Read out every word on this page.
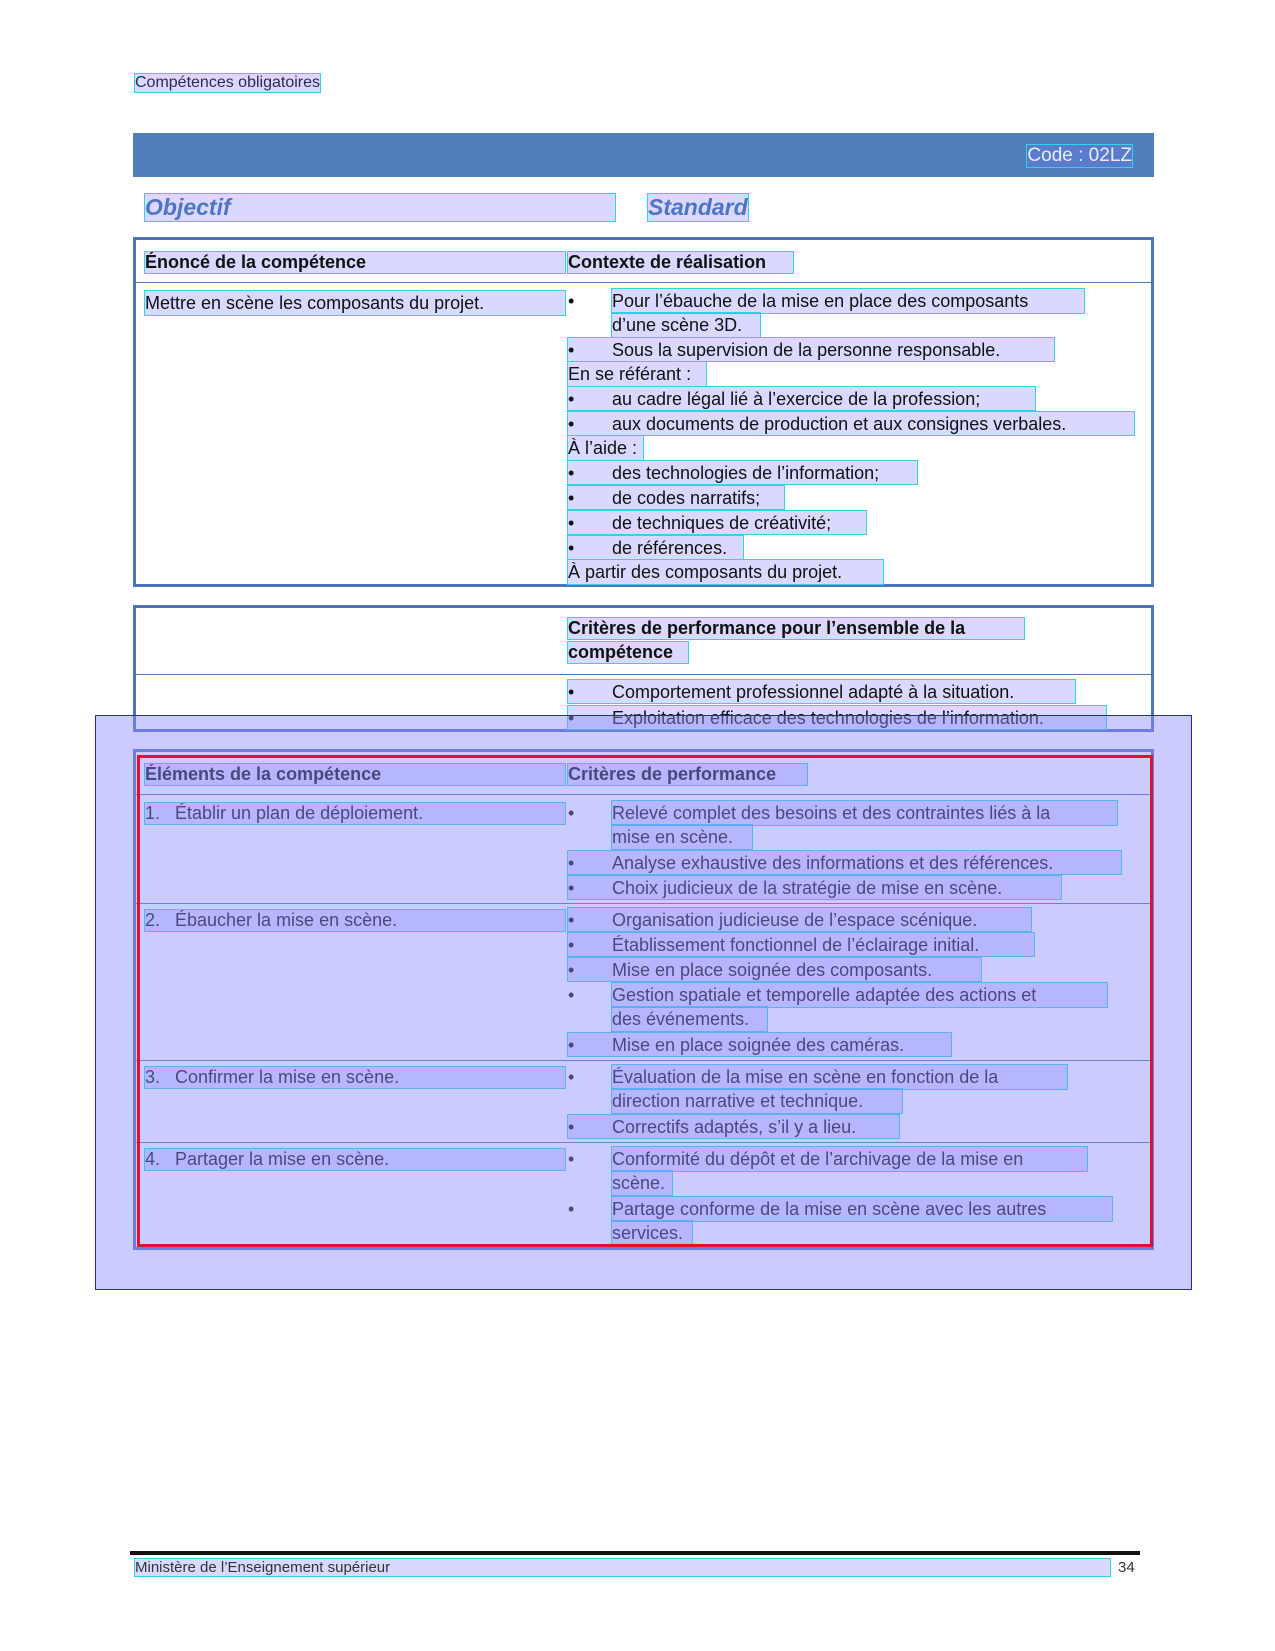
Compétences obligatoires
Code : 02LZ
Objectif	Standard
Énoncé de la compétence	Contexte de réalisation
Mettre en scène les composants du projet.	•	Pour l’ébauche de la mise en place des composants
d’une scène 3D.
•	Sous la supervision de la personne responsable.
En se référant :
•	au cadre légal lié à l’exercice de la profession;
•	aux documents de production et aux consignes verbales.
À l’aide :
•	des technologies de l’information;
•	de codes narratifs;
•	de techniques de créativité;
•	de références.
À partir des composants du projet.
Critères de performance pour l’ensemble de la
compétence
•	Comportement professionnel adapté à la situation.
•	Exploitation efficace des technologies de l’information.
Éléments de la compétence	Critères de performance
1. Établir un plan de déploiement.	•	Relevé complet des besoins et des contraintes liés à la
mise en scène.
•	Analyse exhaustive des informations et des références.
•	Choix judicieux de la stratégie de mise en scène.
2. Ébaucher la mise en scène.	•	Organisation judicieuse de l’espace scénique.
•	Établissement fonctionnel de l’éclairage initial.
•	Mise en place soignée des composants.
•	Gestion spatiale et temporelle adaptée des actions et
des événements.
•	Mise en place soignée des caméras.
3. Confirmer la mise en scène.	•	Évaluation de la mise en scène en fonction de la
direction narrative et technique.
•	Correctifs adaptés, s’il y a lieu.
4. Partager la mise en scène.	•	Conformité du dépôt et de l’archivage de la mise en
scène.
•	Partage conforme de la mise en scène avec les autres
services.
Ministère de l’Enseignement supérieur	34
